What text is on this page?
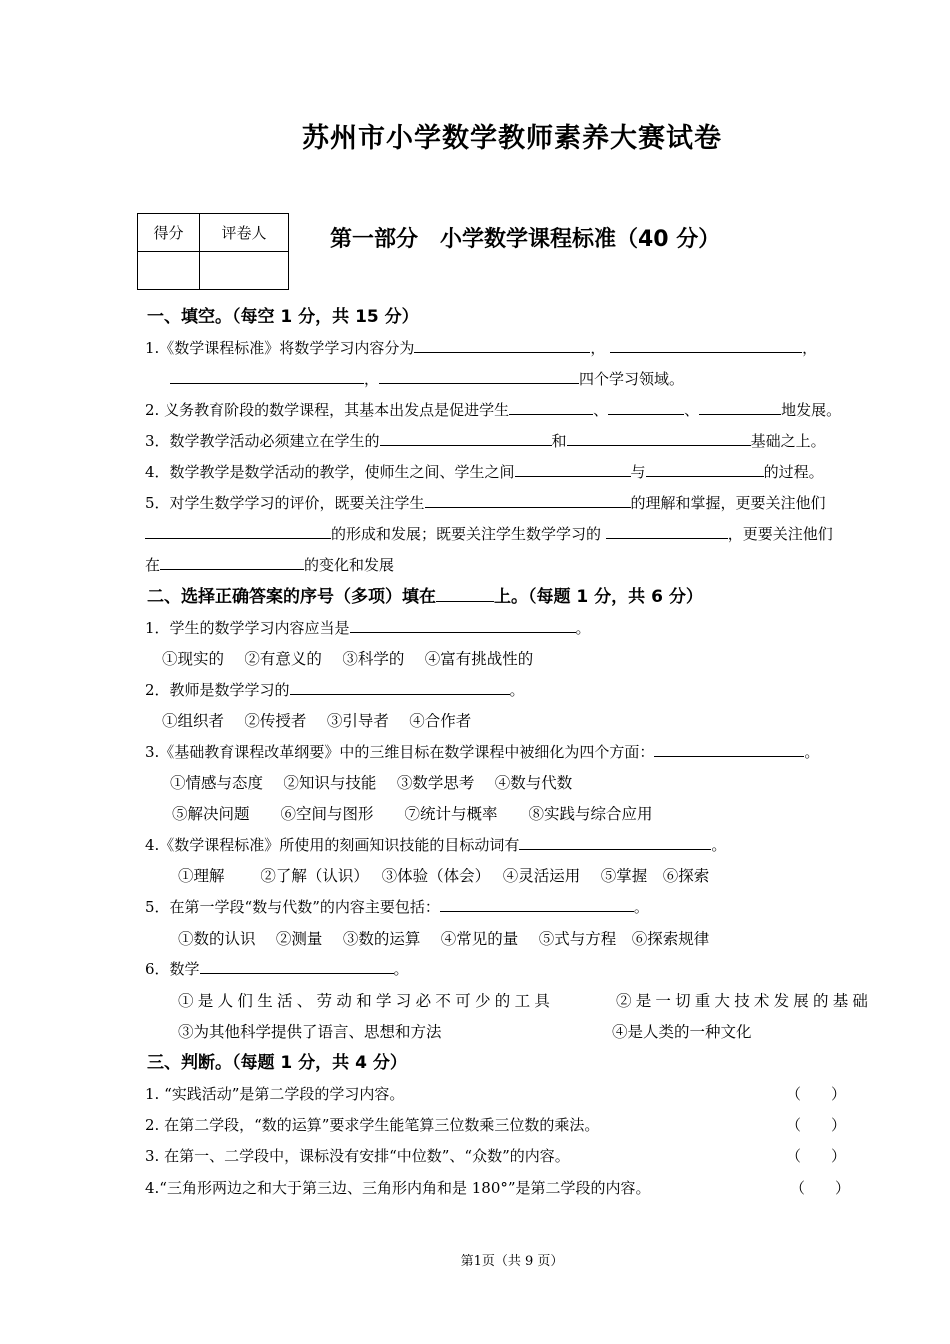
苏州市小学数学教师素养大赛试卷
得分	评卷人
		第一部分　小学数学课程标准（40 分）
一、填空。（每空 1 分，共 15 分）
1.《数学课程标准》将数学学习内容分为	，	，
，	四个学习领域。
2. 义务教育阶段的数学课程，其基本出发点是促进学生	、	、	地发展。
3．数学教学活动必须建立在学生的	和	基础之上。
4．数学教学是数学活动的教学，使师生之间、学生之间	与	的过程。
5．对学生数学学习的评价，既要关注学生	的理解和掌握，更要关注他们
的形成和发展；既要关注学生数学学习的	，更要关注他们
在	的变化和发展
二、选择正确答案的序号（多项）填在	上。（每题 1 分，共 6 分）
1．学生的数学学习内容应当是	。
①现实的　 ②有意义的　 ③科学的　 ④富有挑战性的
2．教师是数学学习的	。
①组织者　 ②传授者　 ③引导者　 ④合作者
3.《基础教育课程改革纲要》中的三维目标在数学课程中被细化为四个方面：	。
①情感与态度　 ②知识与技能　 ③数学思考　 ④数与代数
⑤解决问题　　⑥空间与图形　　⑦统计与概率　　⑧实践与综合应用
4.《数学课程标准》所使用的刻画知识技能的目标动词有	。
①理解　　 ②了解（认识）　 ③体验（体会）　 ④灵活运用　 ⑤掌握　⑥探索
5．在第一学段“数与代数”的内容主要包括：	。
①数的认识　 ②测量　 ③数的运算　 ④常见的量　 ⑤式与方程　⑥探索规律
6．数学	。
①是人们生活、劳动和学习必不可少的工具	②是一切重大技术发展的基础
③为其他科学提供了语言、思想和方法	④是人类的一种文化
三、判断。（每题 1 分，共 4 分）
1. “实践活动”是第二学段的学习内容。	（　　）
2. 在第二学段，“数的运算”要求学生能笔算三位数乘三位数的乘法。	（　　）
3. 在第一、二学段中，课标没有安排“中位数”、“众数”的内容。	（　　）
4.“三角形两边之和大于第三边、三角形内角和是 180°”是第二学段的内容。	（　　）
第1页（共 9 页）
